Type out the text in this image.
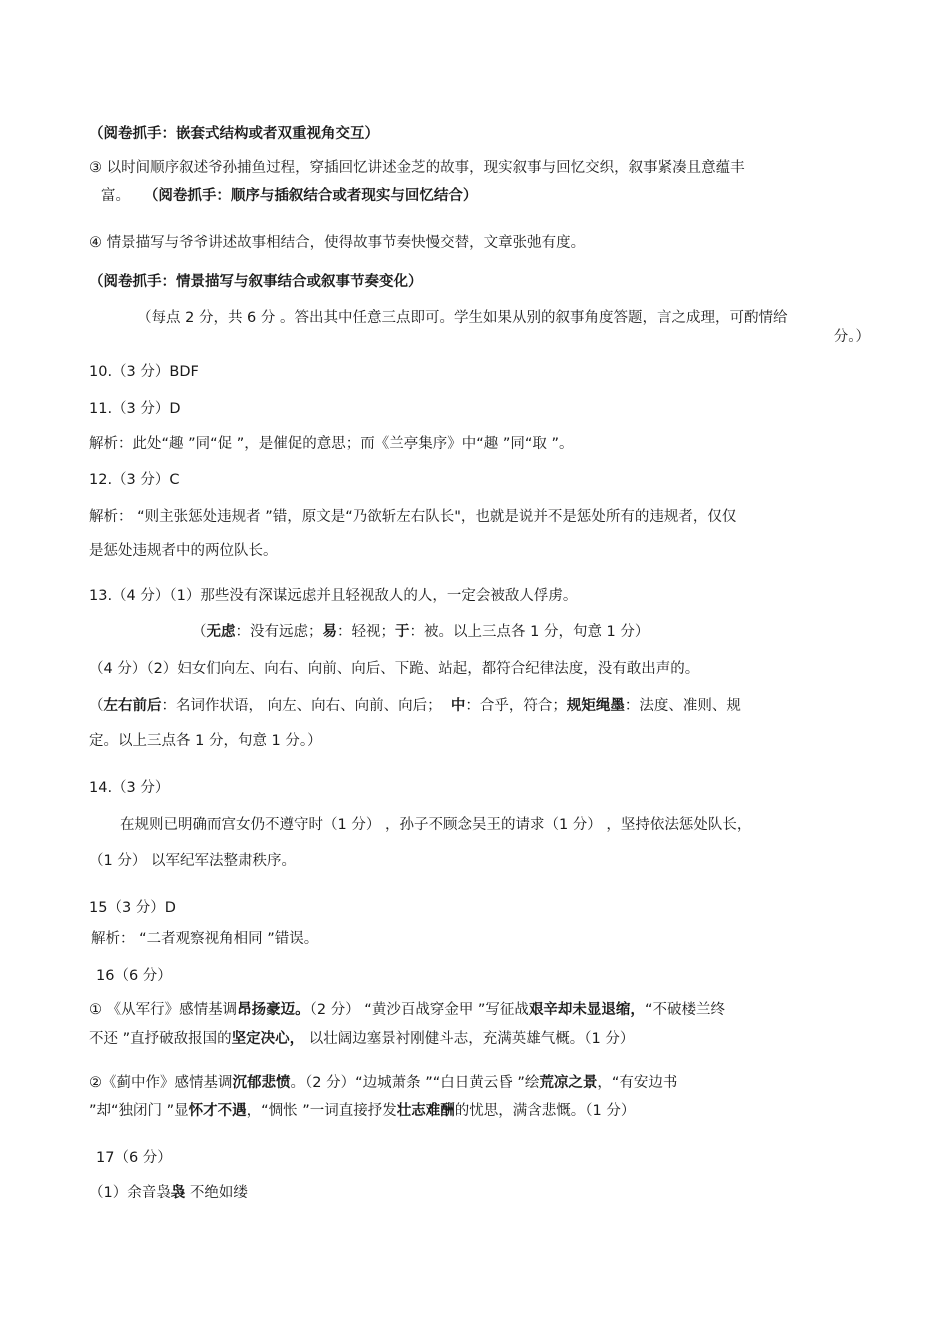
（阅卷抓手：嵌套式结构或者双重视角交互）
③ 以时间顺序叙述爷孙捕鱼过程，穿插回忆讲述金芝的故事，现实叙事与回忆交织，叙事紧凑且意蕴丰
富。 （阅卷抓手：顺序与插叙结合或者现实与回忆结合）
④ 情景描写与爷爷讲述故事相结合，使得故事节奏快慢交替，文章张弛有度。
（阅卷抓手：情景描写与叙事结合或叙事节奏变化）
（每点 2 分，共 6 分 。答出其中任意三点即可。学生如果从别的叙事角度答题，言之成理，可酌情给
分。）
10.（3 分）BDF
11.（3 分）D
解析：此处“趣 ”同“促 ”，是催促的意思；而《兰亭集序》中“趣 ”同“取 ”。
12.（3 分）C
解析： “则主张惩处违规者 ”错，原文是“乃欲斩左右队长"，也就是说并不是惩处所有的违规者，仅仅
是惩处违规者中的两位队长。
13.（4 分）（1）那些没有深谋远虑并且轻视敌人的人，一定会被敌人俘虏。
（无虑：没有远虑；易：轻视；于：被。以上三点各 1 分，句意 1 分）
（4 分）（2）妇女们向左、向右、向前、向后、下跪、站起，都符合纪律法度，没有敢出声的。
（左右前后：名词作状语， 向左、向右、向前、向后； 中：合乎，符合；规矩绳墨：法度、准则、规
定。以上三点各 1 分，句意 1 分。）
14.（3 分）
在规则已明确而宫女仍不遵守时（1 分） ，孙子不顾念吴王的请求（1 分） ，坚持依法惩处队长，
（1 分） 以军纪军法整肃秩序。
15（3 分）D
解析： “二者观察视角相同 ”错误。
16（6 分）
① 《从军行》感情基调昂扬豪迈。（2 分） “黄沙百战穿金甲 ”写征战艰辛却未显退缩，“不破楼兰终
不还 ”直抒破敌报国的坚定决心， 以壮阔边塞景衬刚健斗志，充满英雄气概。（1 分）
②《蓟中作》感情基调沉郁悲愤。（2 分）“边城萧条 ”“白日黄云昏 ”绘荒凉之景，“有安边书
”却“独闭门 ”显怀才不遇，“惆怅 ”一词直接抒发壮志难酬的忧思，满含悲慨。（1 分）
17（6 分）
（1）余音袅袅 不绝如缕
